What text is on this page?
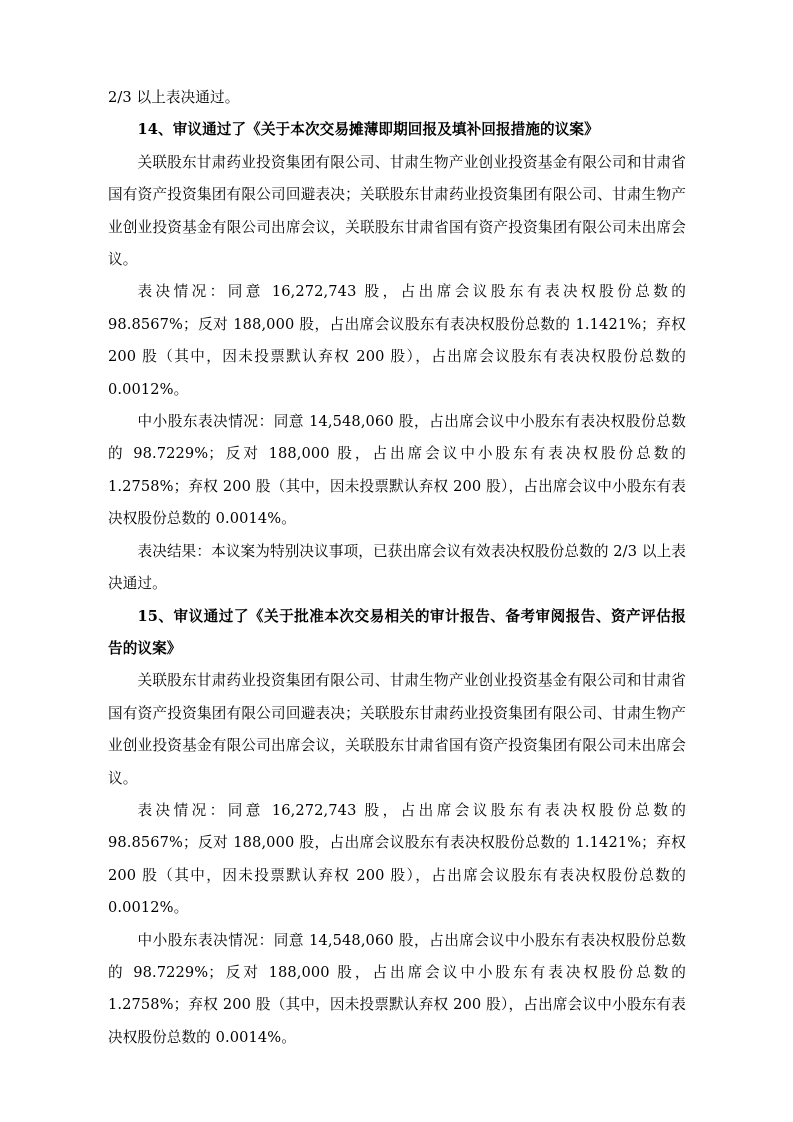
2/3 以上表决通过。

14、审议通过了《关于本次交易摊薄即期回报及填补回报措施的议案》

关联股东甘肃药业投资集团有限公司、甘肃生物产业创业投资基金有限公司和甘肃省国有资产投资集团有限公司回避表决；关联股东甘肃药业投资集团有限公司、甘肃生物产业创业投资基金有限公司出席会议，关联股东甘肃省国有资产投资集团有限公司未出席会议。

表决情况：同意 16,272,743 股，占出席会议股东有表决权股份总数的 98.8567%；反对 188,000 股，占出席会议股东有表决权股份总数的 1.1421%；弃权 200 股（其中，因未投票默认弃权 200 股），占出席会议股东有表决权股份总数的 0.0012%。

中小股东表决情况：同意 14,548,060 股，占出席会议中小股东有表决权股份总数的 98.7229%；反对 188,000 股，占出席会议中小股东有表决权股份总数的 1.2758%；弃权 200 股（其中，因未投票默认弃权 200 股），占出席会议中小股东有表决权股份总数的 0.0014%。

表决结果：本议案为特别决议事项，已获出席会议有效表决权股份总数的 2/3 以上表决通过。

15、审议通过了《关于批准本次交易相关的审计报告、备考审阅报告、资产评估报告的议案》

关联股东甘肃药业投资集团有限公司、甘肃生物产业创业投资基金有限公司和甘肃省国有资产投资集团有限公司回避表决；关联股东甘肃药业投资集团有限公司、甘肃生物产业创业投资基金有限公司出席会议，关联股东甘肃省国有资产投资集团有限公司未出席会议。

表决情况：同意 16,272,743 股，占出席会议股东有表决权股份总数的 98.8567%；反对 188,000 股，占出席会议股东有表决权股份总数的 1.1421%；弃权 200 股（其中，因未投票默认弃权 200 股），占出席会议股东有表决权股份总数的 0.0012%。

中小股东表决情况：同意 14,548,060 股，占出席会议中小股东有表决权股份总数的 98.7229%；反对 188,000 股，占出席会议中小股东有表决权股份总数的 1.2758%；弃权 200 股（其中，因未投票默认弃权 200 股），占出席会议中小股东有表决权股份总数的 0.0014%。
